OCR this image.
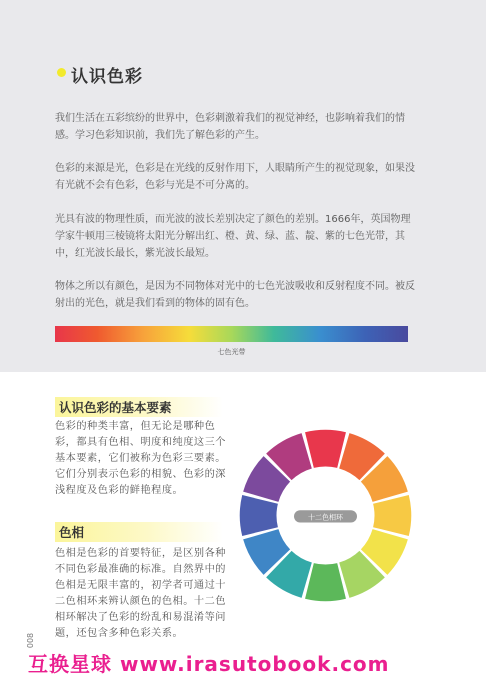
认识色彩

我们生活在五彩缤纷的世界中，色彩刺激着我们的视觉神经，也影响着我们的情感。学习色彩知识前，我们先了解色彩的产生。

色彩的来源是光，色彩是在光线的反射作用下，人眼睛所产生的视觉现象，如果没有光就不会有色彩，色彩与光是不可分离的。

光具有波的物理性质，而光波的波长差别决定了颜色的差别。1666年，英国物理学家牛顿用三棱镜将太阳光分解出红、橙、黄、绿、蓝、靛、紫的七色光带，其中，红光波长最长，紫光波长最短。

物体之所以有颜色，是因为不同物体对光中的七色光波吸收和反射程度不同。被反射出的光色，就是我们看到的物体的固有色。

七色光带
认识色彩的基本要素

色彩的种类丰富，但无论是哪种色彩，都具有色相、明度和纯度这三个基本要素，它们被称为色彩三要素。它们分别表示色彩的相貌、色彩的深浅程度及色彩的鲜艳程度。

色相

色相是色彩的首要特征，是区别各种不同色彩最准确的标准。自然界中的色相是无限丰富的，初学者可通过十二色相环来辨认颜色的色相。十二色相环解决了色彩的纷乱和易混淆等问题，还包含多种色彩关系。

十二色相环
008
互换星球 www.irasutobook.com
